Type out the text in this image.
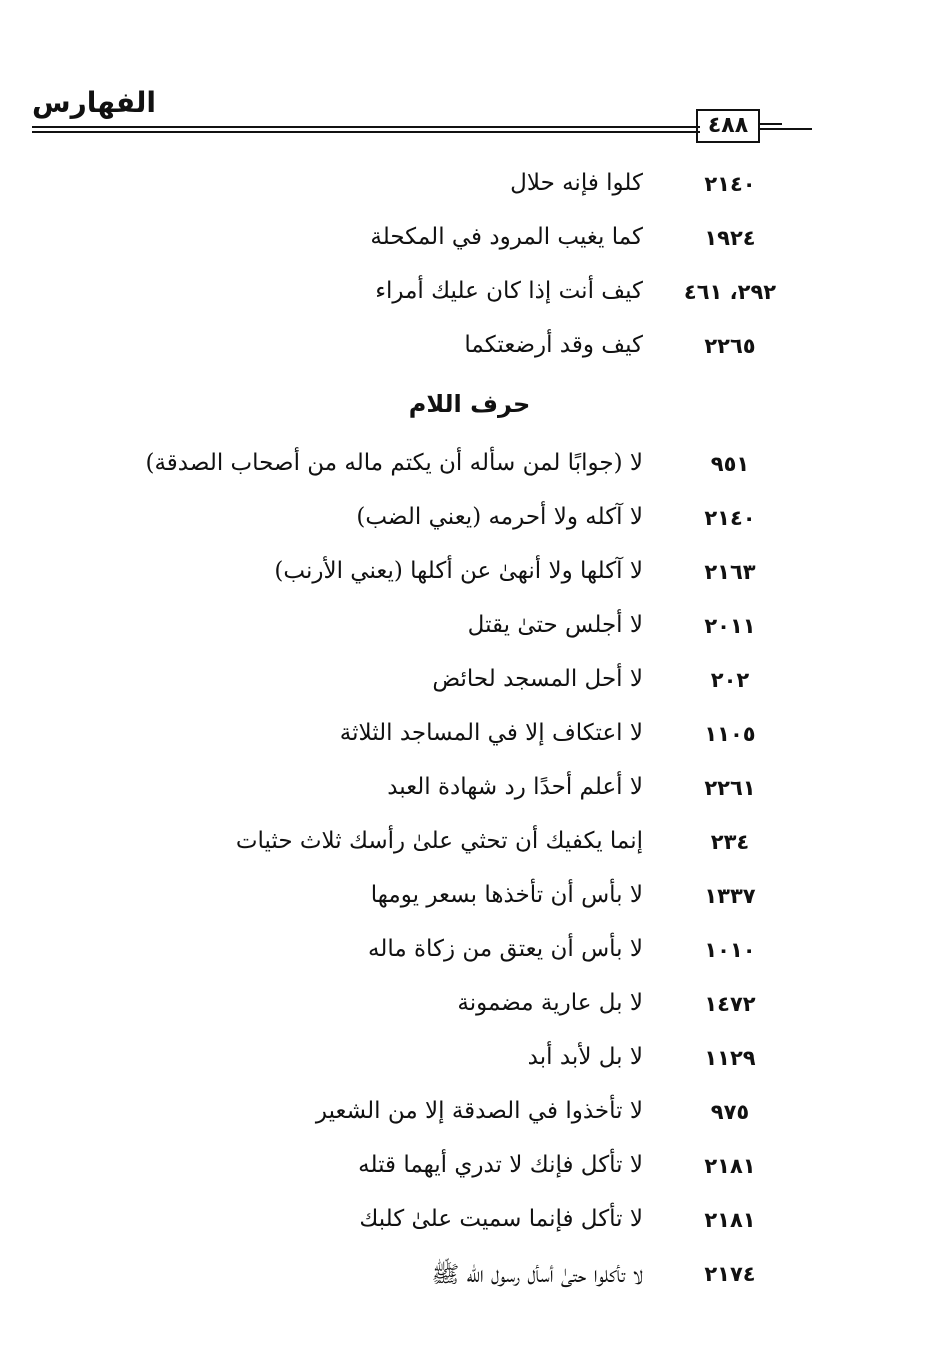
الفهارس
٤٨٨
كلوا فإنه حلال	٢١٤٠
كما يغيب المرود في المكحلة	١٩٢٤
كيف أنت إذا كان عليك أمراء ٢٩٢، ٤٦١
كيف وقد أرضعتكما	٢٢٦٥
حرف اللام
لا (جوابًا لمن سأله أن يكتم ماله من أصحاب الصدقة)	٩٥١
لا آكله ولا أحرمه (يعني الضب)	٢١٤٠
لا آكلها ولا أنهىٰ عن أكلها (يعني الأرنب)	٢١٦٣
لا أجلس حتىٰ يقتل	٢٠١١
لا أحل المسجد لحائض	٢٠٢
لا اعتكاف إلا في المساجد الثلاثة	١١٠٥
لا أعلم أحدًا رد شهادة العبد	٢٢٦١
إنما يكفيك أن تحثي علىٰ رأسك ثلاث حثيات	٢٣٤
لا بأس أن تأخذها بسعر يومها	١٣٣٧
لا بأس أن يعتق من زكاة ماله	١٠١٠
لا بل عارية مضمونة	١٤٧٢
لا بل لأبد أبد	١١٢٩
لا تأخذوا في الصدقة إلا من الشعير	٩٧٥
لا تأكل فإنك لا تدري أيهما قتله	٢١٨١
لا تأكل فإنما سميت علىٰ كلبك	٢١٨١
لا تأكلوا حتىٰ أسأل رسول الله ﷺ	٢١٧٤
